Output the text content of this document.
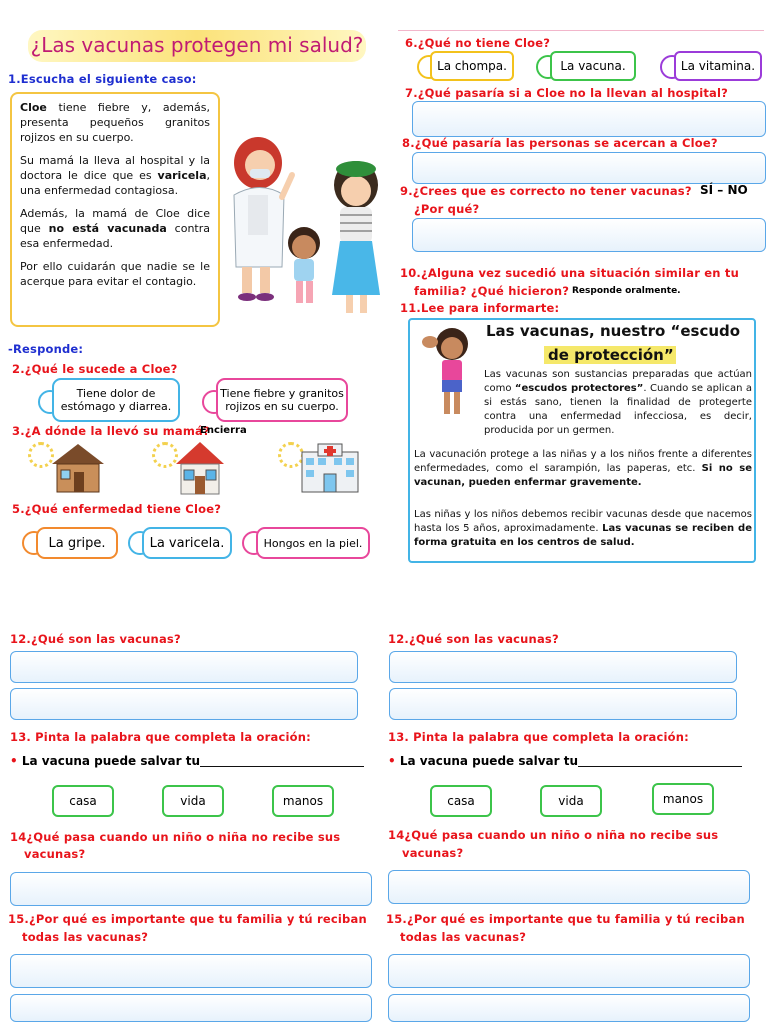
¿Las vacunas protegen mi salud?
1.Escucha el siguiente caso:

Cloe tiene fiebre y, además, presenta pequeños granitos rojizos en su cuerpo.

Su mamá la lleva al hospital y la doctora le dice que es varicela, una enfermedad contagiosa.

Además, la mamá de Cloe dice que no está vacunada contra esa enfermedad.

Por ello cuidarán que nadie se le acerque para evitar el contagio.

-Responde:
2.¿Qué le sucede a Cloe?
Tiene dolor de estómago y diarrea.
Tiene fiebre y granitos rojizos en su cuerpo.
3.¿A dónde la llevó su mamá?
Encierra
5.¿Qué enfermedad tiene Cloe?
La gripe.	La varicela.	Hongos en la piel.
6.¿Qué no tiene Cloe?
La chompa.	La vacuna.	La vitamina.
7.¿Qué pasaría si a Cloe no la llevan al hospital?
8.¿Qué pasaría las personas se acercan a Cloe?
9.¿Crees que es correcto no tener vacunas? SÍ – NO
¿Por qué?
10.¿Alguna vez sucedió una situación similar en tu
familia? ¿Qué hicieron? Responde oralmente.
11.Lee para informarte:
Las vacunas, nuestro “escudo
de protección”
Las vacunas son sustancias preparadas que actúan como “escudos protectores”. Cuando se aplican a si estás sano, tienen la finalidad de protegerte contra una enfermedad infecciosa, es decir, producida por un germen.
La vacunación protege a las niñas y a los niños frente a diferentes enfermedades, como el sarampión, las paperas, etc. Si no se vacunan, pueden enfermar gravemente.
Las niñas y los niños debemos recibir vacunas desde que nacemos hasta los 5 años, aproximadamente. Las vacunas se reciben de forma gratuita en los centros de salud.
12.¿Qué son las vacunas?
13. Pinta la palabra que completa la oración:
• La vacuna puede salvar tu
casa	vida	manos
14¿Qué pasa cuando un niño o niña no recibe sus
vacunas?
15.¿Por qué es importante que tu familia y tú reciban
todas las vacunas?
12.¿Qué son las vacunas?
13. Pinta la palabra que completa la oración:
• La vacuna puede salvar tu
casa	vida	manos
14¿Qué pasa cuando un niño o niña no recibe sus
vacunas?
15.¿Por qué es importante que tu familia y tú reciban
todas las vacunas?
